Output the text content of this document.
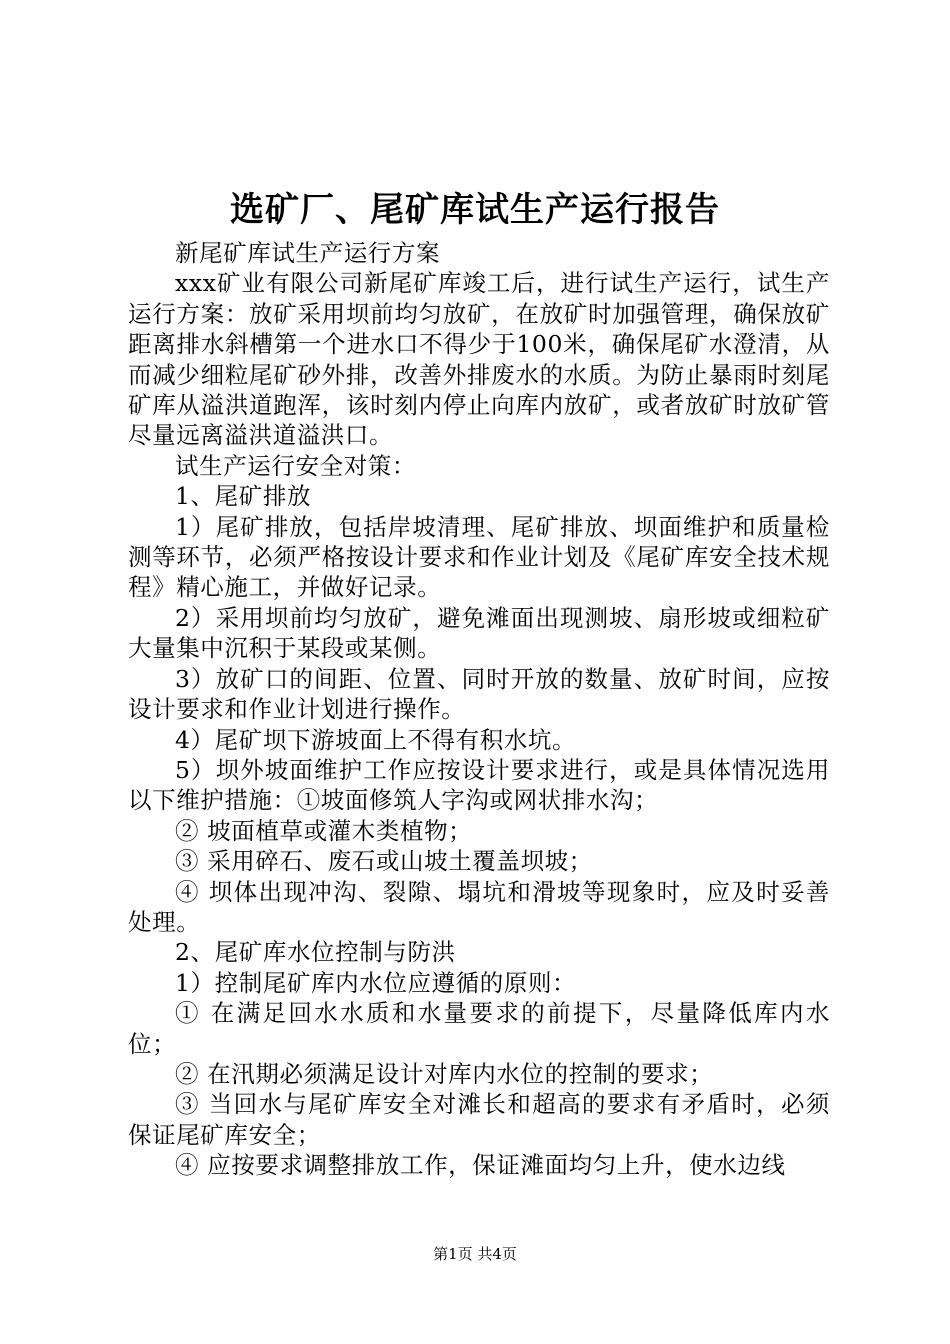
选矿厂、尾矿库试生产运行报告

新尾矿库试生产运行方案

xxx矿业有限公司新尾矿库竣工后，进行试生产运行，试生产运行方案：放矿采用坝前均匀放矿，在放矿时加强管理，确保放矿距离排水斜槽第一个进水口不得少于100米，确保尾矿水澄清，从而减少细粒尾矿砂外排，改善外排废水的水质。为防止暴雨时刻尾矿库从溢洪道跑浑，该时刻内停止向库内放矿，或者放矿时放矿管尽量远离溢洪道溢洪口。

试生产运行安全对策：

1、尾矿排放

1）尾矿排放，包括岸坡清理、尾矿排放、坝面维护和质量检测等环节，必须严格按设计要求和作业计划及《尾矿库安全技术规程》精心施工，并做好记录。

2）采用坝前均匀放矿，避免滩面出现测坡、扇形坡或细粒矿大量集中沉积于某段或某侧。

3）放矿口的间距、位置、同时开放的数量、放矿时间，应按设计要求和作业计划进行操作。

4）尾矿坝下游坡面上不得有积水坑。

5）坝外坡面维护工作应按设计要求进行，或是具体情况选用以下维护措施：①坡面修筑人字沟或网状排水沟；

② 坡面植草或灌木类植物；

③ 采用碎石、废石或山坡土覆盖坝坡；

④ 坝体出现冲沟、裂隙、塌坑和滑坡等现象时，应及时妥善处理。

2、尾矿库水位控制与防洪

1）控制尾矿库内水位应遵循的原则：

① 在满足回水水质和水量要求的前提下，尽量降低库内水位；

② 在汛期必须满足设计对库内水位的控制的要求；

③ 当回水与尾矿库安全对滩长和超高的要求有矛盾时，必须保证尾矿库安全；

④ 应按要求调整排放工作，保证滩面均匀上升，使水边线

第1页 共4页
